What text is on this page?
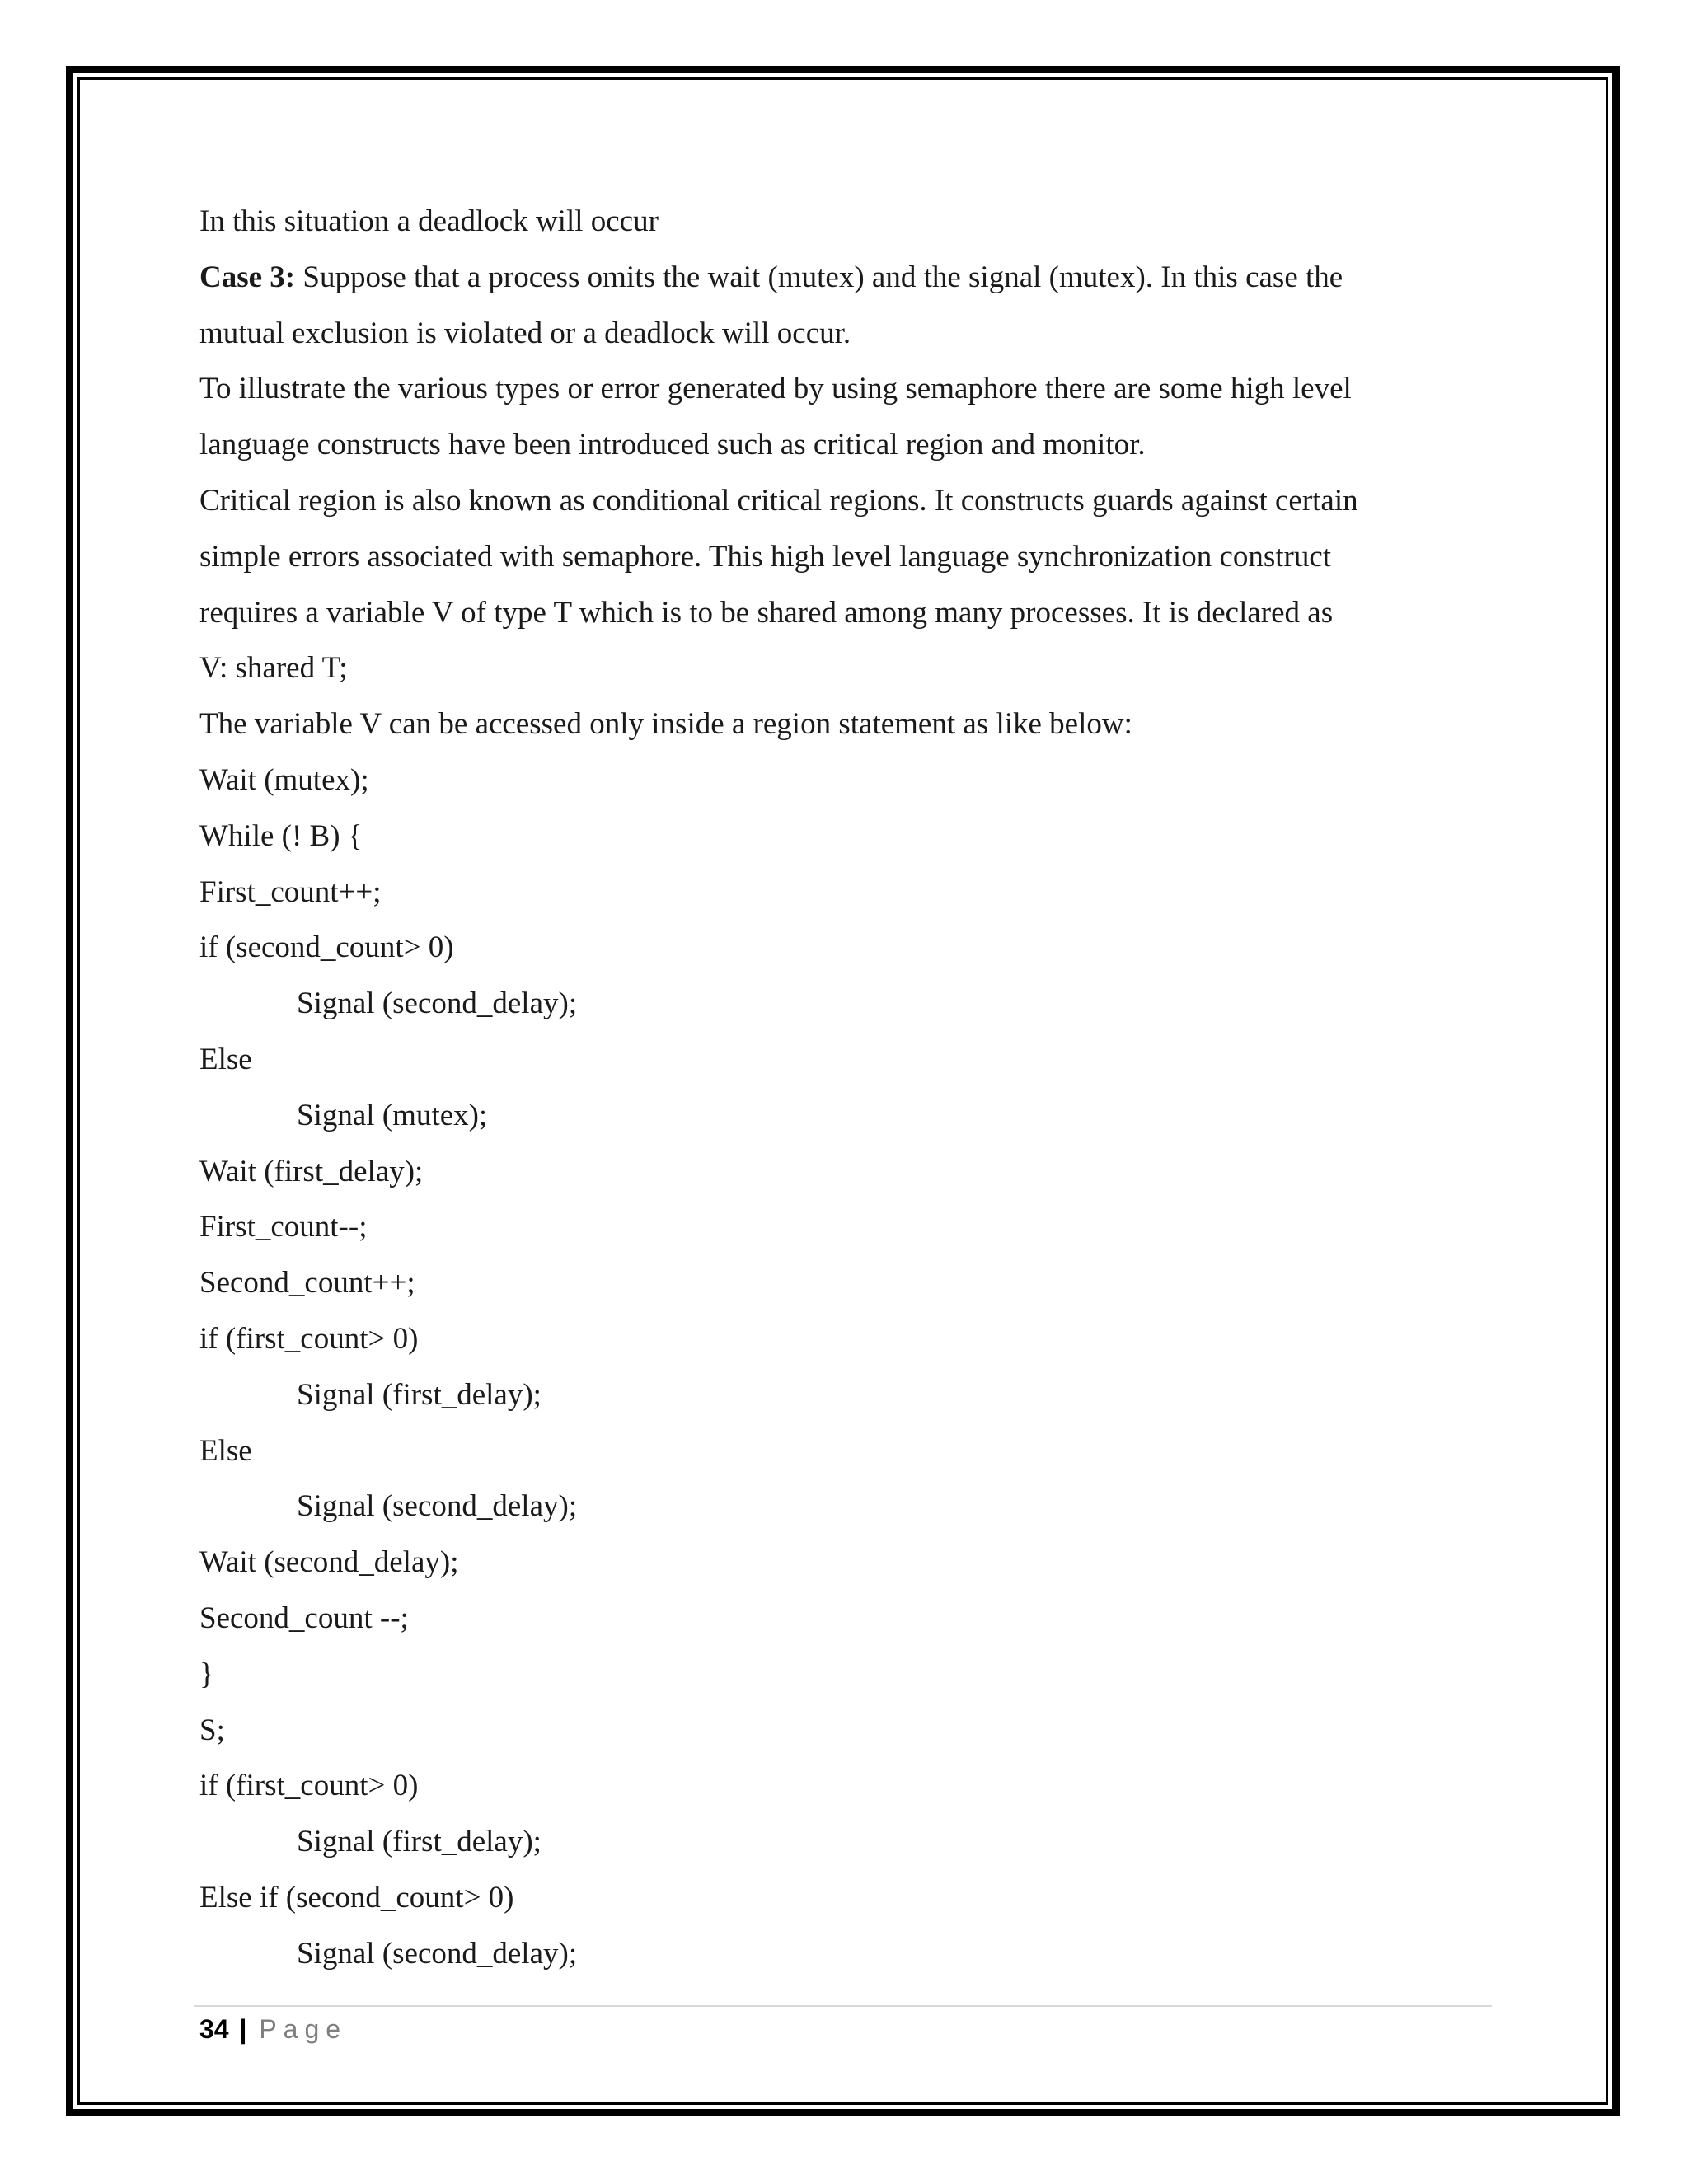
In this situation a deadlock will occur
Case 3: Suppose that a process omits the wait (mutex) and the signal (mutex). In this case the
mutual exclusion is violated or a deadlock will occur.
To illustrate the various types or error generated by using semaphore there are some high level
language constructs have been introduced such as critical region and monitor.
Critical region is also known as conditional critical regions. It constructs guards against certain
simple errors associated with semaphore. This high level language synchronization construct
requires a variable V of type T which is to be shared among many processes. It is declared as
V: shared T;
The variable V can be accessed only inside a region statement as like below:
Wait (mutex);
While (! B) {
First_count++;
if (second_count> 0)
Signal (second_delay);
Else
Signal (mutex);
Wait (first_delay);
First_count--;
Second_count++;
if (first_count> 0)
Signal (first_delay);
Else
Signal (second_delay);
Wait (second_delay);
Second_count --;
}
S;
if (first_count> 0)
Signal (first_delay);
Else if (second_count> 0)
Signal (second_delay);
34 | Page
